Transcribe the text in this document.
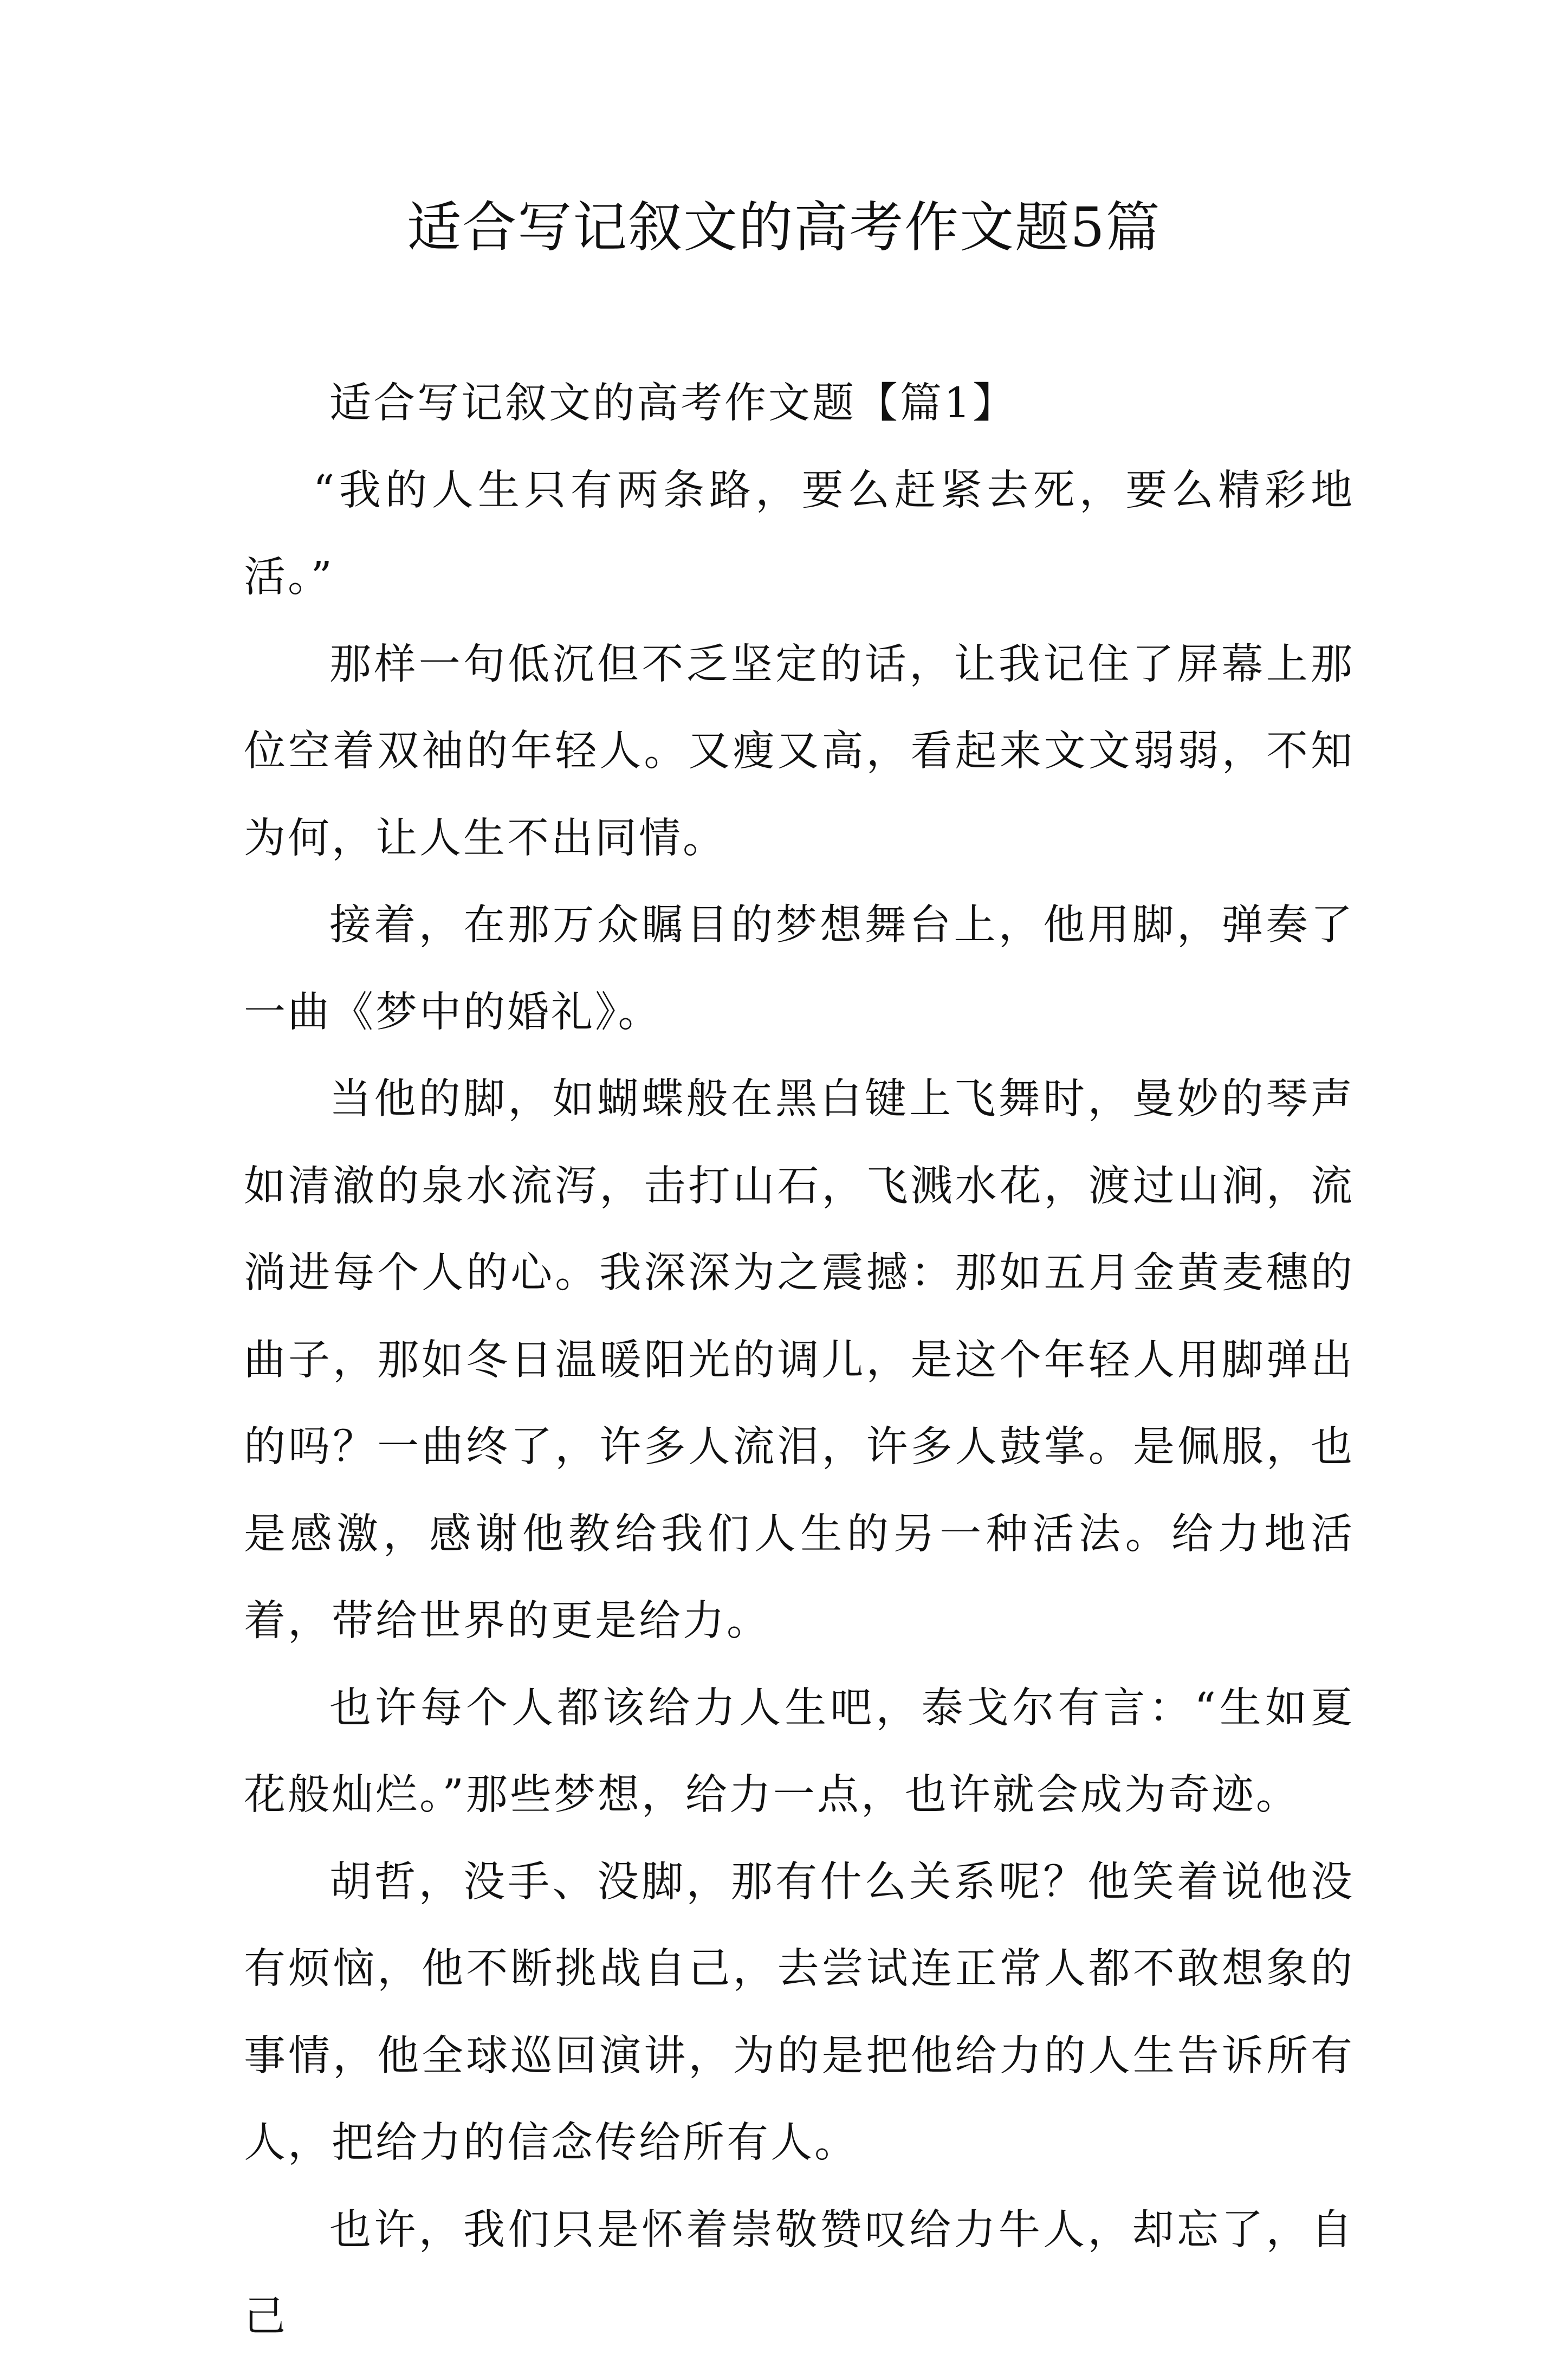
适合写记叙文的高考作文题5篇

适合写记叙文的高考作文题【篇1】

“我的人生只有两条路，要么赶紧去死，要么精彩地活。”

那样一句低沉但不乏坚定的话，让我记住了屏幕上那位空着双袖的年轻人。又瘦又高，看起来文文弱弱，不知为何，让人生不出同情。

接着，在那万众瞩目的梦想舞台上，他用脚，弹奏了一曲《梦中的婚礼》。

当他的脚，如蝴蝶般在黑白键上飞舞时，曼妙的琴声如清澈的泉水流泻，击打山石，飞溅水花，渡过山涧，流淌进每个人的心。我深深为之震撼：那如五月金黄麦穗的曲子，那如冬日温暖阳光的调儿，是这个年轻人用脚弹出的吗？一曲终了，许多人流泪，许多人鼓掌。是佩服，也是感激，感谢他教给我们人生的另一种活法。给力地活着，带给世界的更是给力。

也许每个人都该给力人生吧，泰戈尔有言：“生如夏花般灿烂。”那些梦想，给力一点，也许就会成为奇迹。

胡哲，没手、没脚，那有什么关系呢？他笑着说他没有烦恼，他不断挑战自己，去尝试连正常人都不敢想象的事情，他全球巡回演讲，为的是把他给力的人生告诉所有人，把给力的信念传给所有人。

也许，我们只是怀着崇敬赞叹给力牛人，却忘了，自己
